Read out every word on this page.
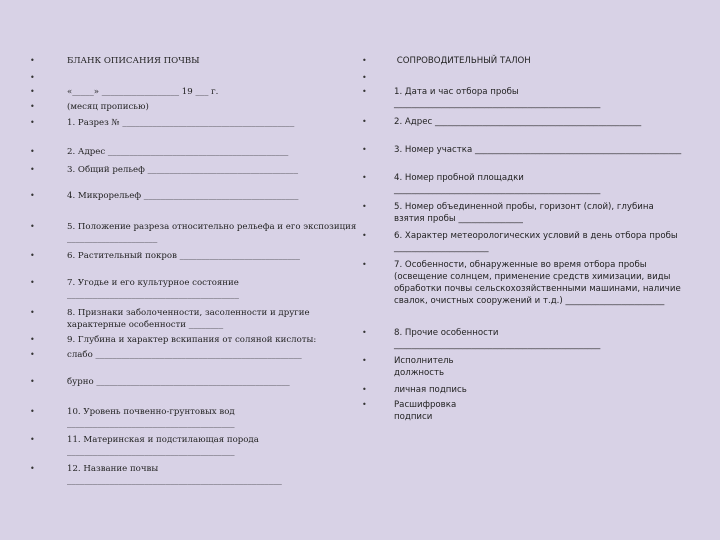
•	БЛАНК ОПИСАНИЯ ПОЧВЫ
•
•	«_____» __________________ 19 ___ г.
•	(месяц прописью)
•	1. Разрез № ________________________________________
•	2. Адрес __________________________________________
•	3. Общий рельеф ___________________________________
•	4. Микрорельеф ____________________________________
•	5. Положение разреза относительно рельефа и его экспозиция _____________________
•	6. Растительный покров ____________________________
•	7. Угодье и его культурное состояние ________________________________________
•	8. Признаки заболоченности, засоленности и другие характерные особенности ________
•	9. Глубина и характер вскипания от соляной кислоты:
•	слабо ________________________________________________
•	бурно _____________________________________________
•	10. Уровень почвенно-грунтовых вод _______________________________________
•	11. Материнская и подстилающая порода _______________________________________
•	12. Название почвы __________________________________________________
•	СОПРОВОДИТЕЛЬНЫЙ ТАЛОН
•
•	1. Дата и час отбора пробы ________________________________________________
•	2. Адрес ________________________________________________
•	3. Номер участка ________________________________________________
•	4. Номер пробной площадки ________________________________________________
•	5. Номер объединенной пробы, горизонт (слой), глубина взятия пробы _______________
•	6. Характер метеорологических условий в день отбора пробы ______________________
•	7. Особенности, обнаруженные во время отбора пробы (освещение солнцем, применение средств химизации, виды обработки почвы сельскохозяйственными машинами, наличие свалок, очистных сооружений и т.д.) _______________________
•	8. Прочие особенности ________________________________________________
•	Исполнитель
должность
•	личная подпись
•	Расшифровка
подписи
